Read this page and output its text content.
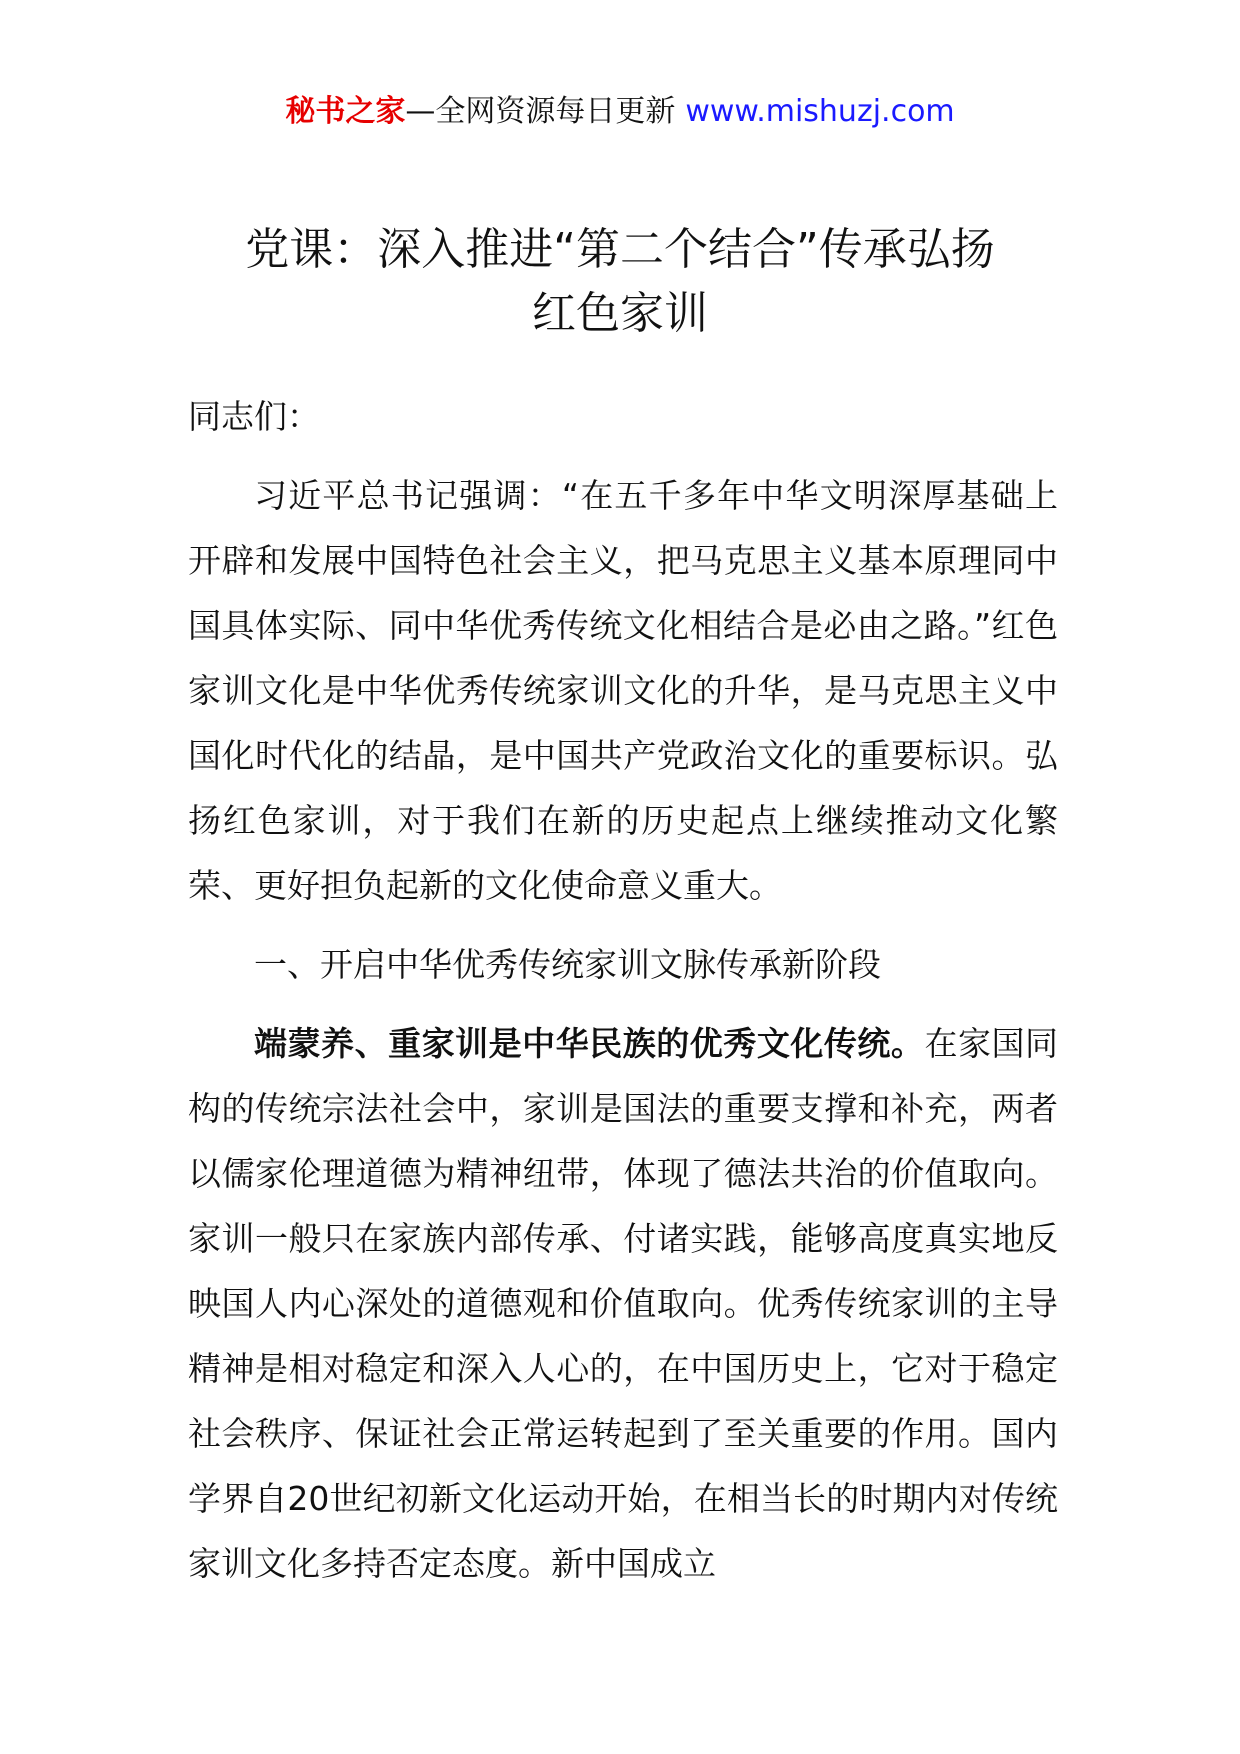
秘书之家—全网资源每日更新 www.mishuzj.com
党课：深入推进“第二个结合”传承弘扬
红色家训

同志们：

习近平总书记强调：“在五千多年中华文明深厚基础上开辟和发展中国特色社会主义，把马克思主义基本原理同中国具体实际、同中华优秀传统文化相结合是必由之路。”红色家训文化是中华优秀传统家训文化的升华，是马克思主义中国化时代化的结晶，是中国共产党政治文化的重要标识。弘扬红色家训，对于我们在新的历史起点上继续推动文化繁荣、更好担负起新的文化使命意义重大。

一、开启中华优秀传统家训文脉传承新阶段

端蒙养、重家训是中华民族的优秀文化传统。在家国同构的传统宗法社会中，家训是国法的重要支撑和补充，两者以儒家伦理道德为精神纽带，体现了德法共治的价值取向。家训一般只在家族内部传承、付诸实践，能够高度真实地反映国人内心深处的道德观和价值取向。优秀传统家训的主导精神是相对稳定和深入人心的，在中国历史上，它对于稳定社会秩序、保证社会正常运转起到了至关重要的作用。国内学界自20世纪初新文化运动开始，在相当长的时期内对传统家训文化多持否定态度。新中国成立
